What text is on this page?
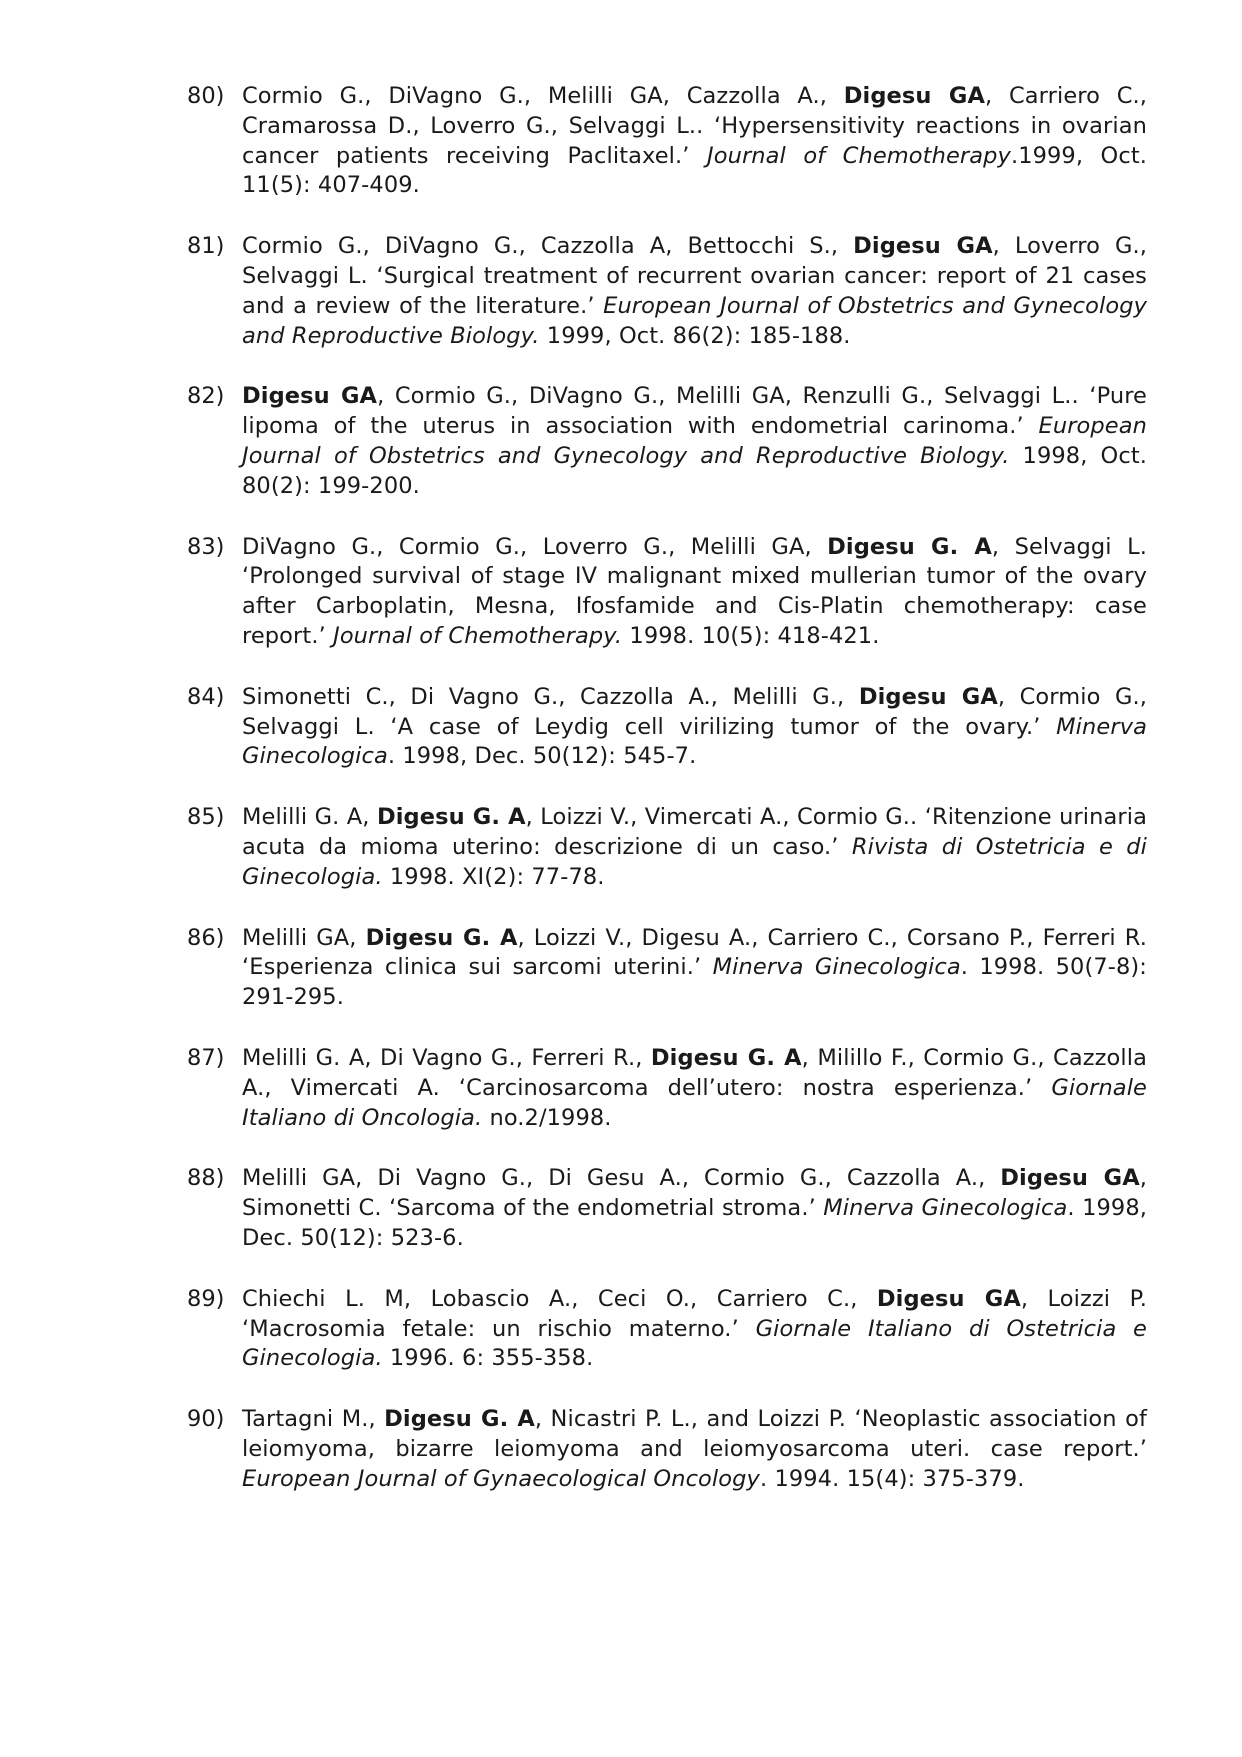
80) Cormio G., DiVagno G., Melilli GA, Cazzolla A., Digesu GA, Carriero C., Cramarossa D., Loverro G., Selvaggi L.. ‘Hypersensitivity reactions in ovarian cancer patients receiving Paclitaxel.’ Journal of Chemotherapy.1999, Oct. 11(5): 407-409.
81) Cormio G., DiVagno G., Cazzolla A, Bettocchi S., Digesu GA, Loverro G., Selvaggi L. ‘Surgical treatment of recurrent ovarian cancer: report of 21 cases and a review of the literature.’ European Journal of Obstetrics and Gynecology and Reproductive Biology. 1999, Oct. 86(2): 185-188.
82) Digesu GA, Cormio G., DiVagno G., Melilli GA, Renzulli G., Selvaggi L.. ‘Pure lipoma of the uterus in association with endometrial carinoma.’ European Journal of Obstetrics and Gynecology and Reproductive Biology. 1998, Oct. 80(2): 199-200.
83) DiVagno G., Cormio G., Loverro G., Melilli GA, Digesu G. A, Selvaggi L. ‘Prolonged survival of stage IV malignant mixed mullerian tumor of the ovary after Carboplatin, Mesna, Ifosfamide and Cis-Platin chemotherapy: case report.’ Journal of Chemotherapy. 1998. 10(5): 418-421.
84) Simonetti C., Di Vagno G., Cazzolla A., Melilli G., Digesu GA, Cormio G., Selvaggi L. ‘A case of Leydig cell virilizing tumor of the ovary.’ Minerva Ginecologica. 1998, Dec. 50(12): 545-7.
85) Melilli G. A, Digesu G. A, Loizzi V., Vimercati A., Cormio G.. ‘Ritenzione urinaria acuta da mioma uterino: descrizione di un caso.’ Rivista di Ostetricia e di Ginecologia. 1998. XI(2): 77-78.
86) Melilli GA, Digesu G. A, Loizzi V., Digesu A., Carriero C., Corsano P., Ferreri R. ‘Esperienza clinica sui sarcomi uterini.’ Minerva Ginecologica. 1998. 50(7-8): 291-295.
87) Melilli G. A, Di Vagno G., Ferreri R., Digesu G. A, Milillo F., Cormio G., Cazzolla A., Vimercati A. ‘Carcinosarcoma dell’utero: nostra esperienza.’ Giornale Italiano di Oncologia. no.2/1998.
88) Melilli GA, Di Vagno G., Di Gesu A., Cormio G., Cazzolla A., Digesu GA, Simonetti C. ‘Sarcoma of the endometrial stroma.’ Minerva Ginecologica. 1998, Dec. 50(12): 523-6.
89) Chiechi L. M, Lobascio A., Ceci O., Carriero C., Digesu GA, Loizzi P. ‘Macrosomia fetale: un rischio materno.’ Giornale Italiano di Ostetricia e Ginecologia. 1996. 6: 355-358.
90) Tartagni M., Digesu G. A, Nicastri P. L., and Loizzi P. ‘Neoplastic association of leiomyoma, bizarre leiomyoma and leiomyosarcoma uteri. case report.’ European Journal of Gynaecological Oncology. 1994. 15(4): 375-379.
